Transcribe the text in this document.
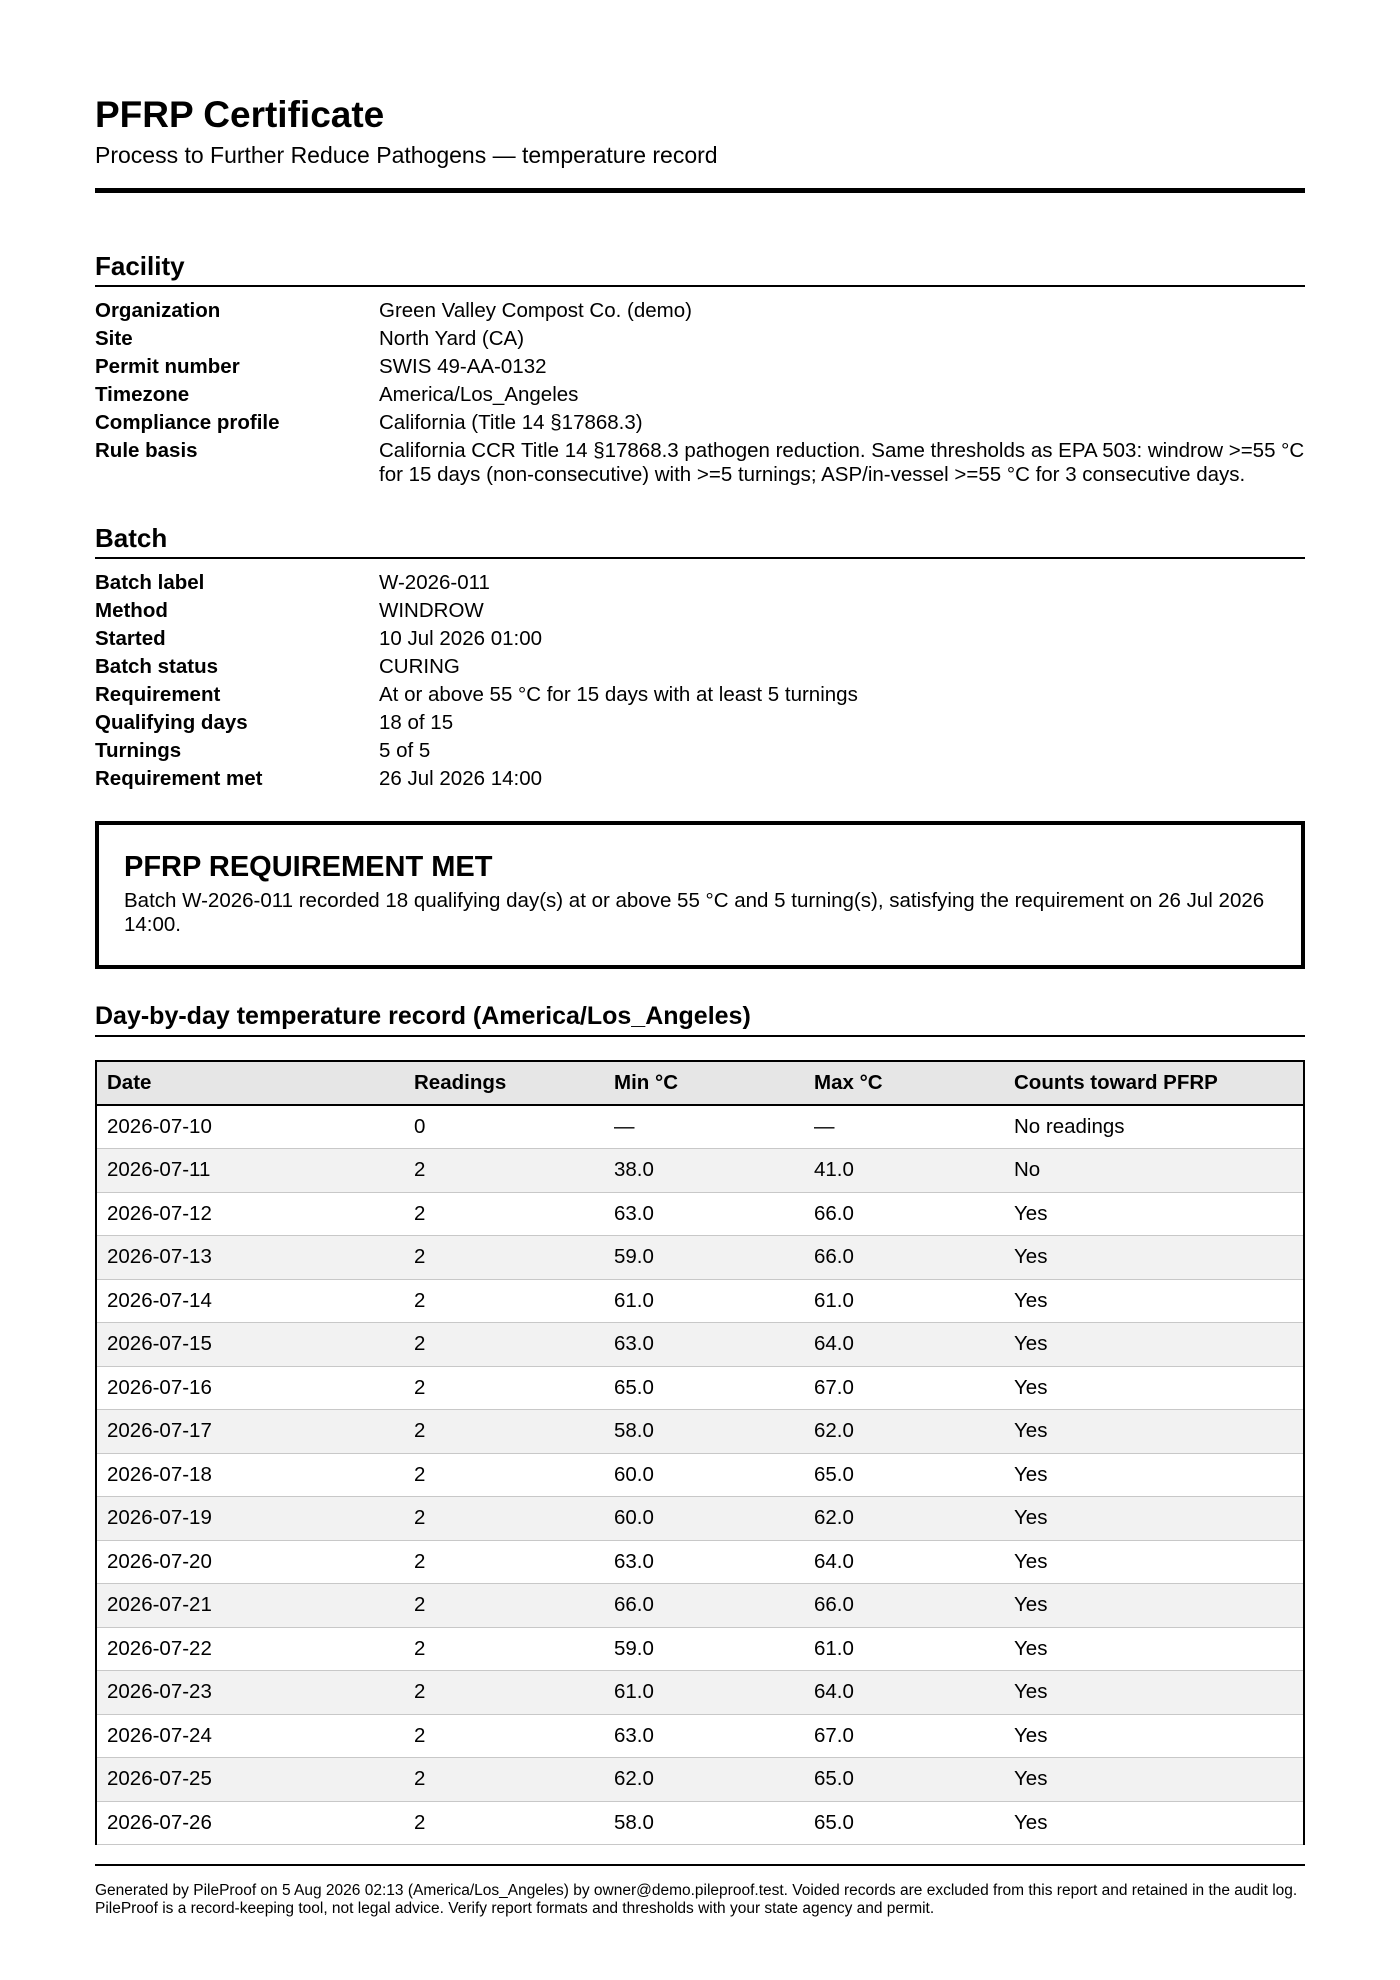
PFRP Certificate
Process to Further Reduce Pathogens — temperature record
Facility
Organization	Green Valley Compost Co. (demo)
Site	North Yard (CA)
Permit number	SWIS 49-AA-0132
Timezone	America/Los_Angeles
Compliance profile	California (Title 14 §17868.3)
Rule basis	California CCR Title 14 §17868.3 pathogen reduction. Same thresholds as EPA 503: windrow >=55 °C for 15 days (non-consecutive) with >=5 turnings; ASP/in-vessel >=55 °C for 3 consecutive days.
Batch
Batch label	W-2026-011
Method	WINDROW
Started	10 Jul 2026 01:00
Batch status	CURING
Requirement	At or above 55 °C for 15 days with at least 5 turnings
Qualifying days	18 of 15
Turnings	5 of 5
Requirement met	26 Jul 2026 14:00
PFRP REQUIREMENT MET
Batch W-2026-011 recorded 18 qualifying day(s) at or above 55 °C and 5 turning(s), satisfying the requirement on 26 Jul 2026 14:00.
Day-by-day temperature record (America/Los_Angeles)
Date	Readings	Min °C	Max °C	Counts toward PFRP
2026-07-10	0	—	—	No readings
2026-07-11	2	38.0	41.0	No
2026-07-12	2	63.0	66.0	Yes
2026-07-13	2	59.0	66.0	Yes
2026-07-14	2	61.0	61.0	Yes
2026-07-15	2	63.0	64.0	Yes
2026-07-16	2	65.0	67.0	Yes
2026-07-17	2	58.0	62.0	Yes
2026-07-18	2	60.0	65.0	Yes
2026-07-19	2	60.0	62.0	Yes
2026-07-20	2	63.0	64.0	Yes
2026-07-21	2	66.0	66.0	Yes
2026-07-22	2	59.0	61.0	Yes
2026-07-23	2	61.0	64.0	Yes
2026-07-24	2	63.0	67.0	Yes
2026-07-25	2	62.0	65.0	Yes
2026-07-26	2	58.0	65.0	Yes
Generated by PileProof on 5 Aug 2026 02:13 (America/Los_Angeles) by owner@demo.pileproof.test. Voided records are excluded from this report and retained in the audit log.
PileProof is a record-keeping tool, not legal advice. Verify report formats and thresholds with your state agency and permit.
